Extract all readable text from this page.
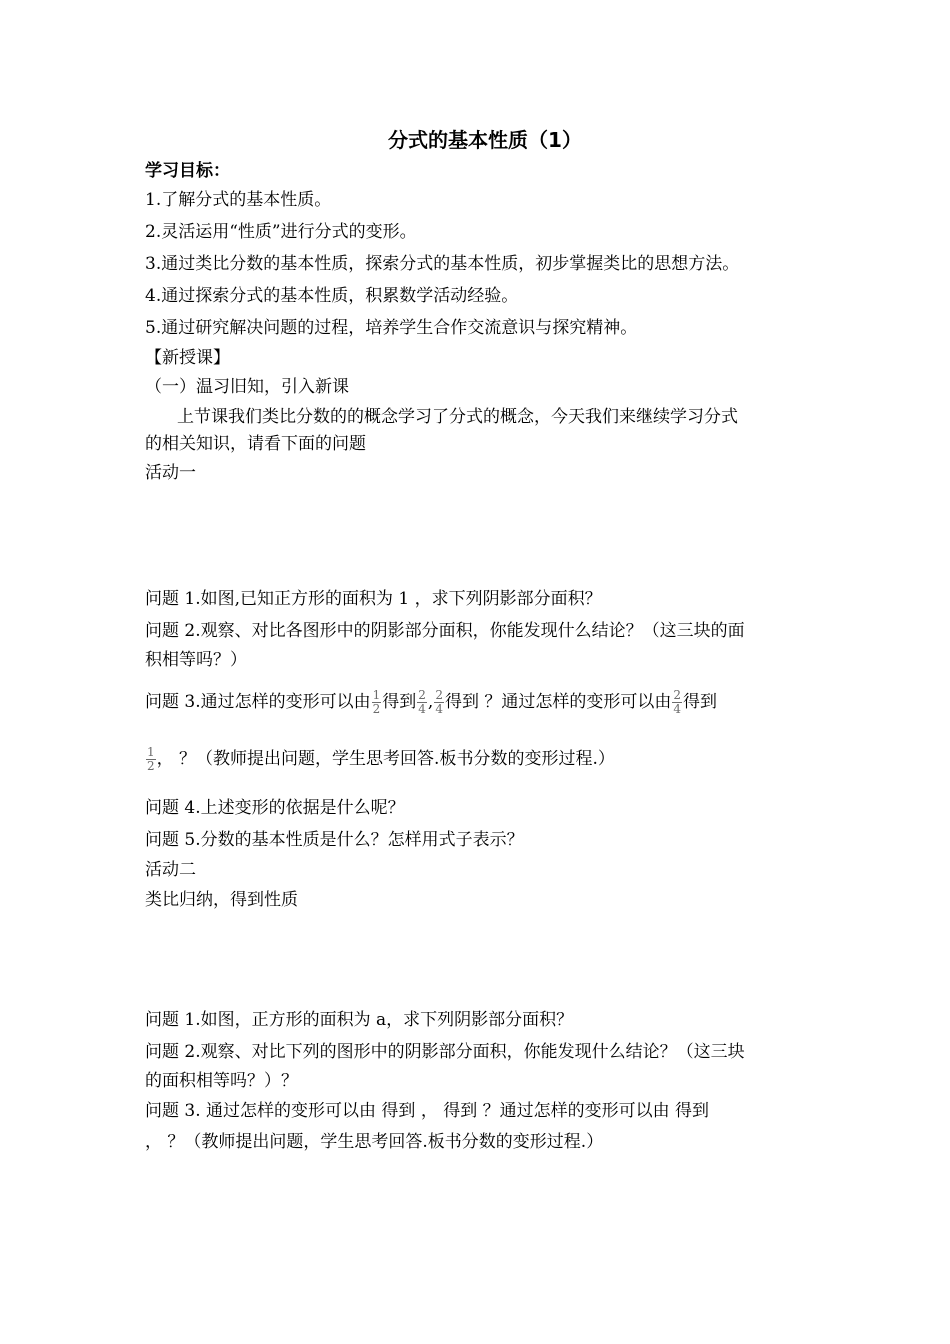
分式的基本性质（1）
学习目标：
1.了解分式的基本性质。
2.灵活运用“性质”进行分式的变形。
3.通过类比分数的基本性质，探索分式的基本性质，初步掌握类比的思想方法。
4.通过探索分式的基本性质，积累数学活动经验。
5.通过研究解决问题的过程，培养学生合作交流意识与探究精神。
【新授课】
（一）温习旧知，引入新课
上节课我们类比分数的的概念学习了分式的概念，今天我们来继续学习分式
的相关知识，请看下面的问题
活动一
问题 1.如图,已知正方形的面积为 1 ，求下列阴影部分面积？
问题 2.观察、对比各图形中的阴影部分面积，你能发现什么结论？（这三块的面
积相等吗？）
问题 3.通过怎样的变形可以由 $\frac{1}{2}$ 得到 $\frac{2}{4}$ , $\frac{2}{4}$ 得到 ？通过怎样的变形可以由 $\frac{2}{4}$ 得到
$\frac{1}{2}$ ， ？（教师提出问题，学生思考回答.板书分数的变形过程.）
问题 4.上述变形的依据是什么呢？
问题 5.分数的基本性质是什么？怎样用式子表示？
活动二
类比归纳，得到性质
问题 1.如图，正方形的面积为 a，求下列阴影部分面积？
问题 2.观察、对比下列的图形中的阴影部分面积，你能发现什么结论？（这三块
的面积相等吗？）？
问题 3. 通过怎样的变形可以由 得到 ， 得到 ？通过怎样的变形可以由 得到
， ？（教师提出问题，学生思考回答.板书分数的变形过程.）
